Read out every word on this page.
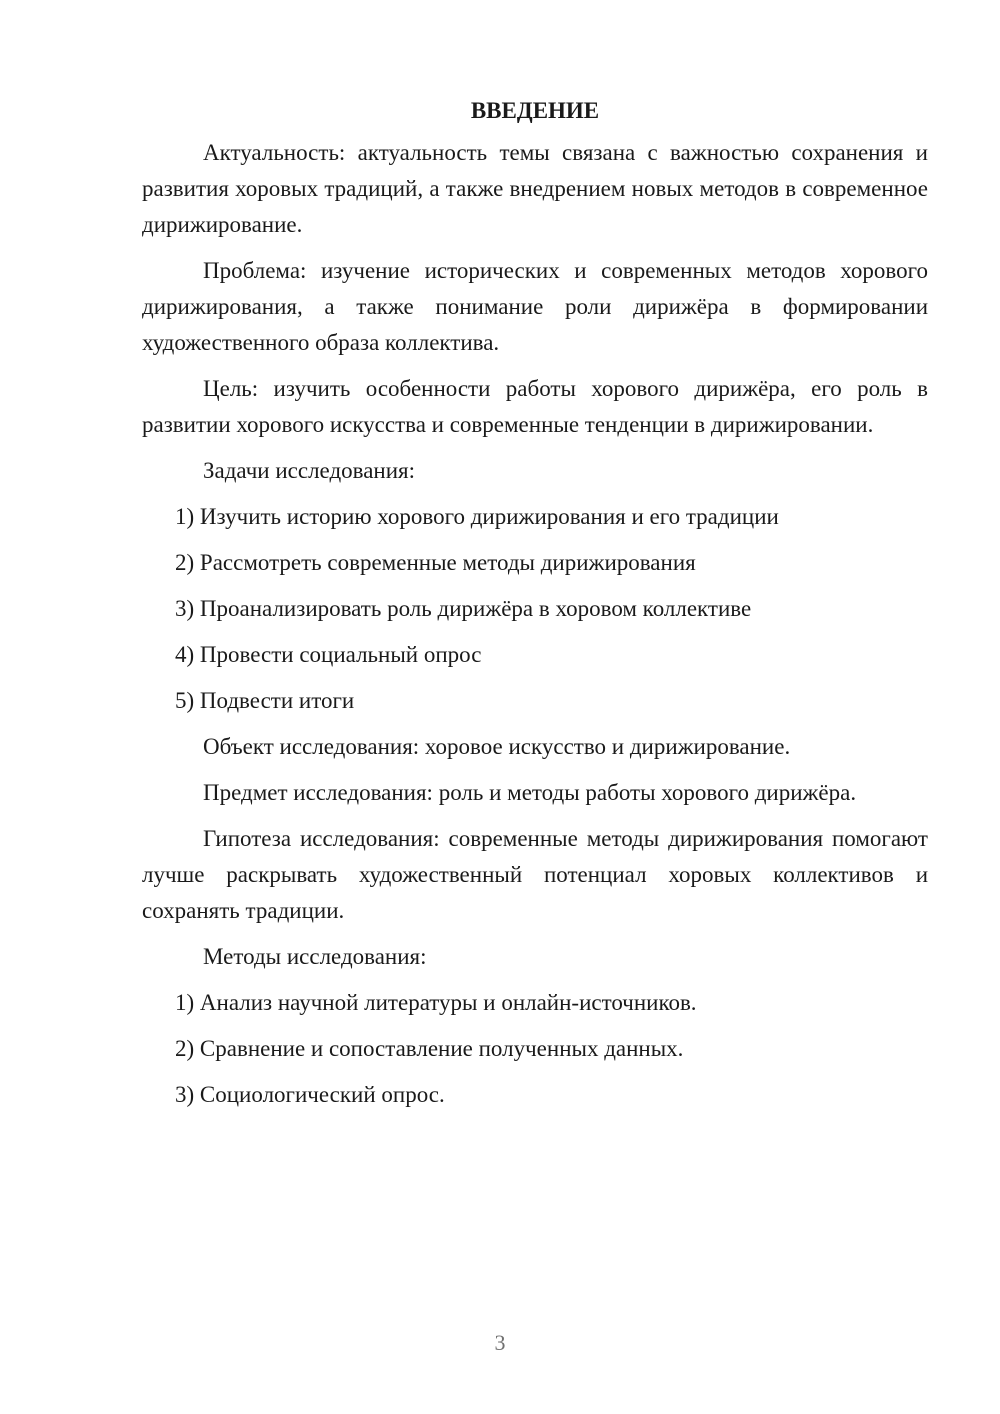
ВВЕДЕНИЕ

Актуальность: актуальность темы связана с важностью сохранения и развития хоровых традиций, а также внедрением новых методов в современное дирижирование.

Проблема: изучение исторических и современных методов хорового дирижирования, а также понимание роли дирижёра в формировании художественного образа коллектива.

Цель: изучить особенности работы хорового дирижёра, его роль в развитии хорового искусства и современные тенденции в дирижировании.

Задачи исследования:

1) Изучить историю хорового дирижирования и его традиции
2) Рассмотреть современные методы дирижирования
3) Проанализировать роль дирижёра в хоровом коллективе
4) Провести социальный опрос
5) Подвести итоги

Объект исследования: хоровое искусство и дирижирование.

Предмет исследования: роль и методы работы хорового дирижёра.

Гипотеза исследования: современные методы дирижирования помогают лучше раскрывать художественный потенциал хоровых коллективов и сохранять традиции.

Методы исследования:

1) Анализ научной литературы и онлайн-источников.
2) Сравнение и сопоставление полученных данных.
3) Социологический опрос.
3
